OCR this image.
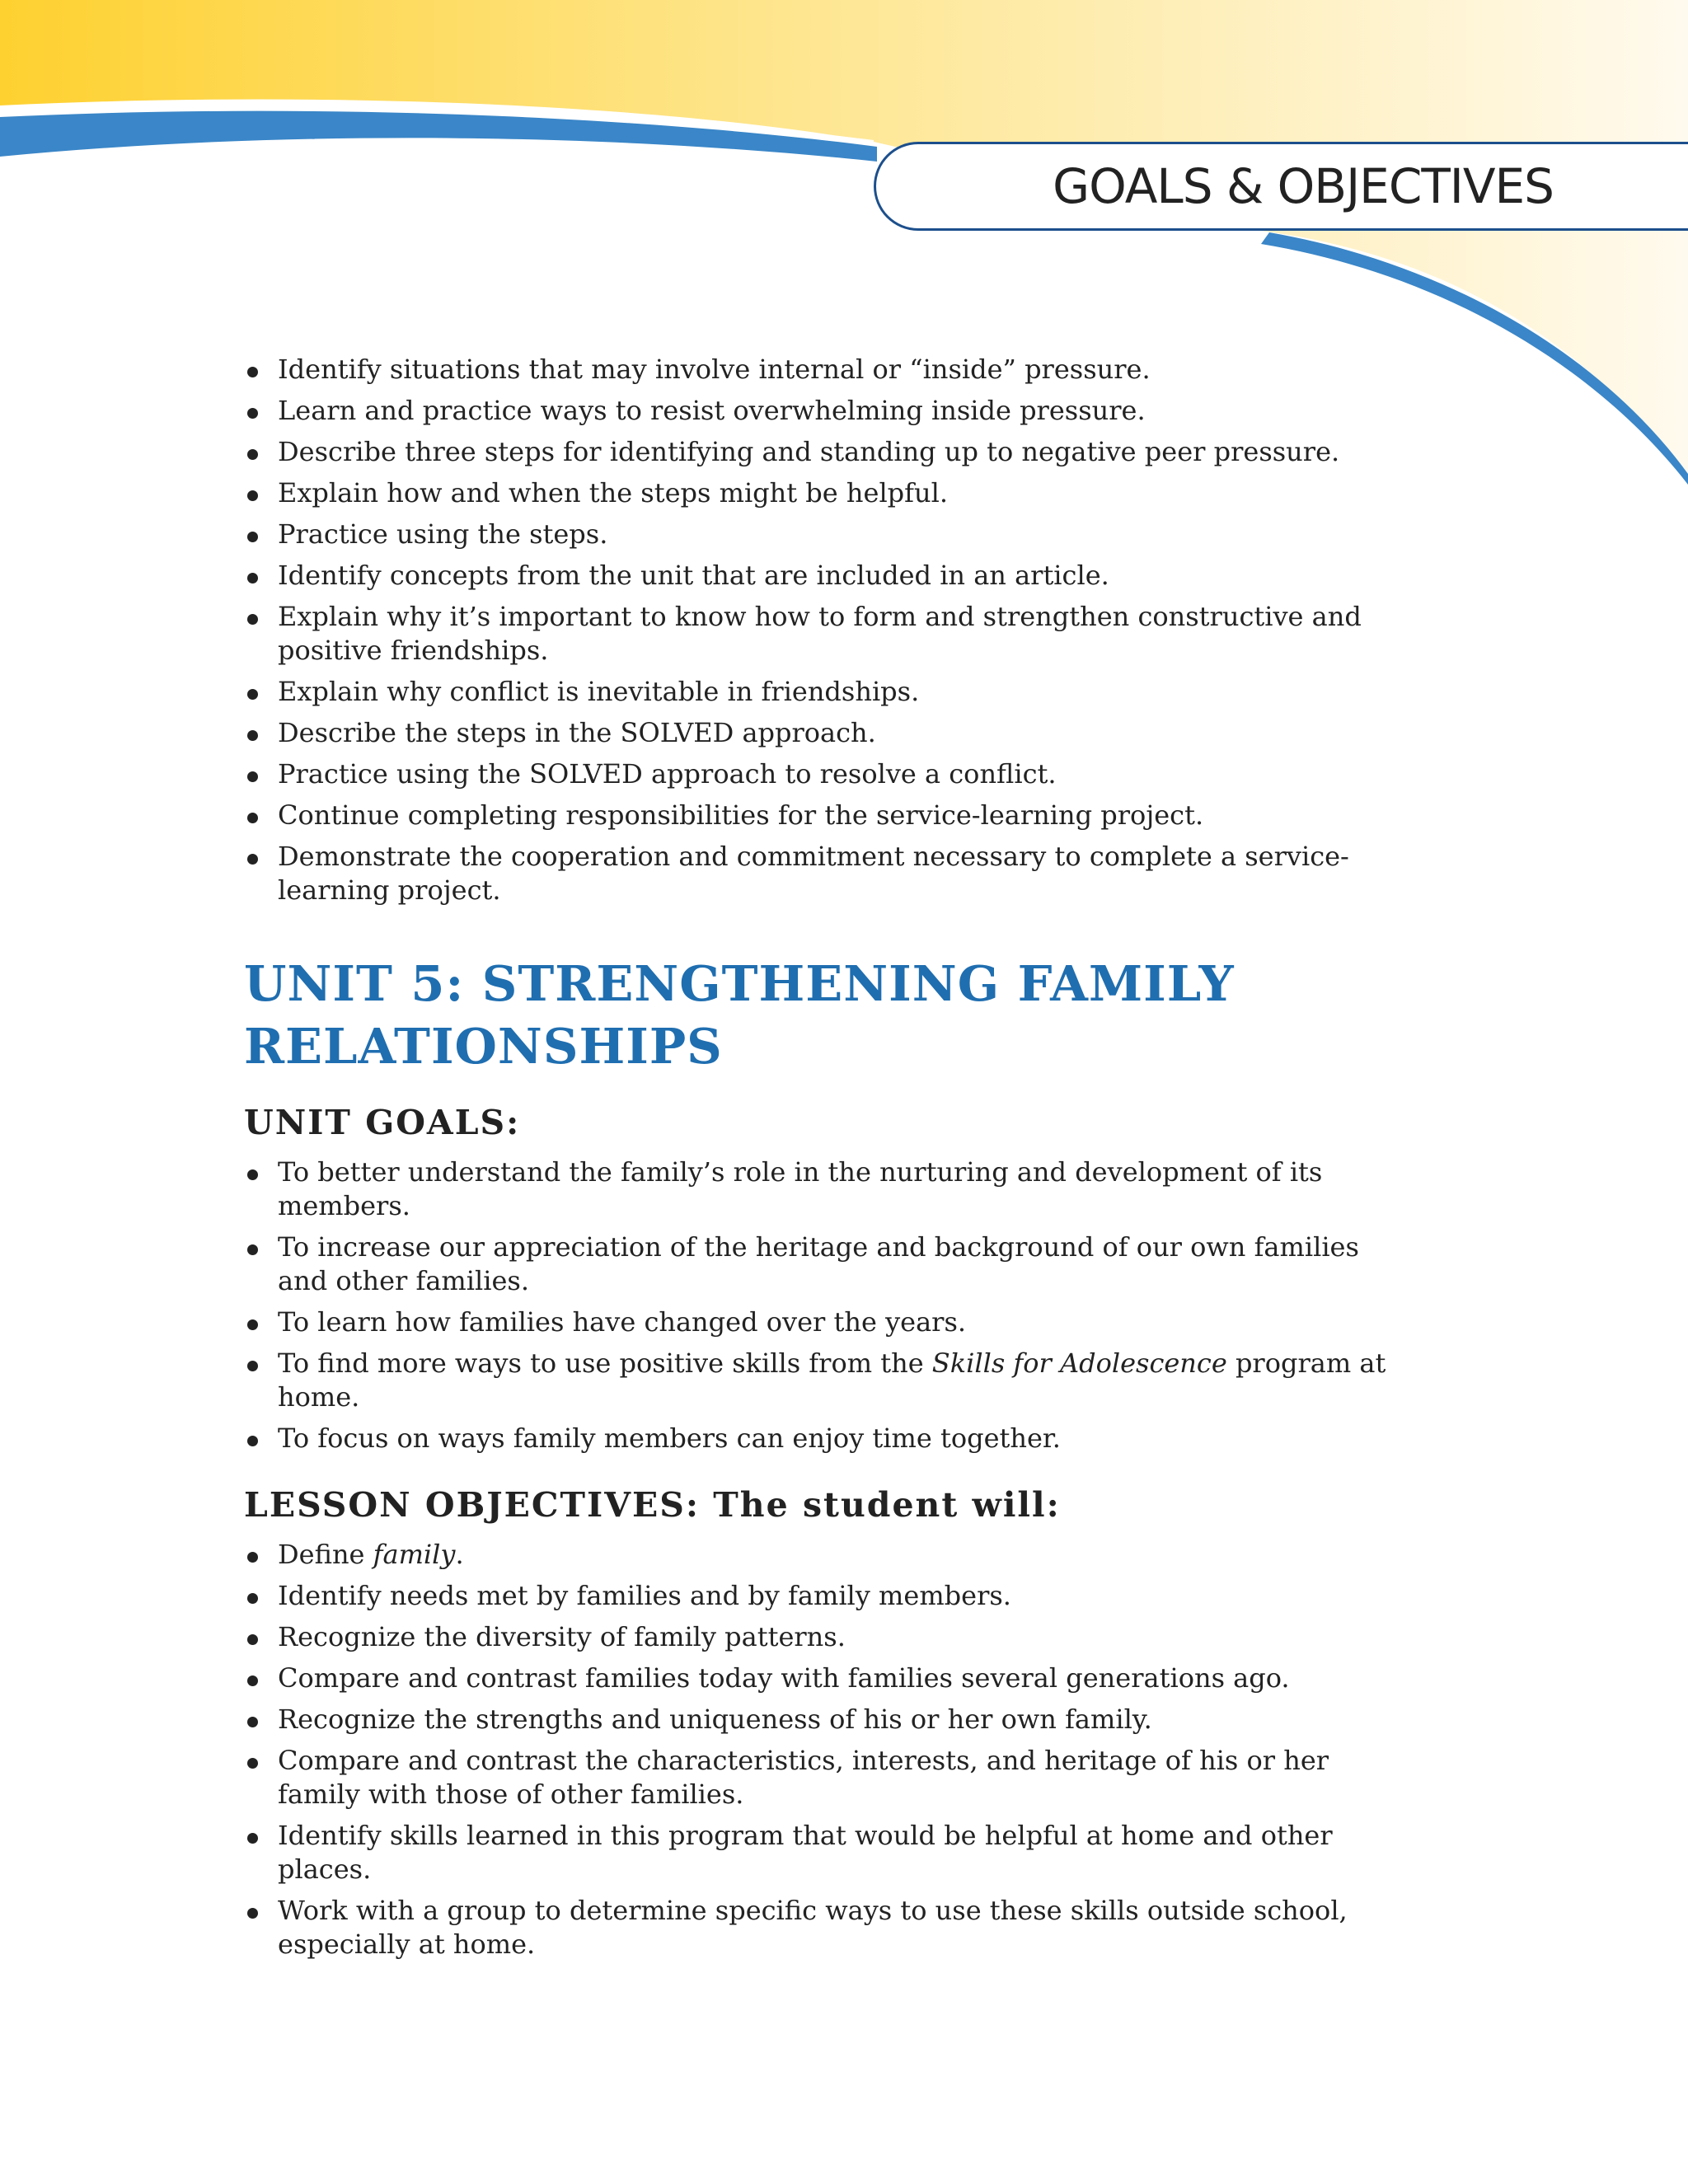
GOALS & OBJECTIVES
Identify situations that may involve internal or “inside” pressure.
Learn and practice ways to resist overwhelming inside pressure.
Describe three steps for identifying and standing up to negative peer pressure.
Explain how and when the steps might be helpful.
Practice using the steps.
Identify concepts from the unit that are included in an article.
Explain why it’s important to know how to form and strengthen constructive and positive friendships.
Explain why conflict is inevitable in friendships.
Describe the steps in the SOLVED approach.
Practice using the SOLVED approach to resolve a conflict.
Continue completing responsibilities for the service-learning project.
Demonstrate the cooperation and commitment necessary to complete a service-learning project.
UNIT 5: STRENGTHENING FAMILY
RELATIONSHIPS
UNIT GOALS:
To better understand the family’s role in the nurturing and development of its members.
To increase our appreciation of the heritage and background of our own families and other families.
To learn how families have changed over the years.
To find more ways to use positive skills from the Skills for Adolescence program at home.
To focus on ways family members can enjoy time together.
LESSON OBJECTIVES: The student will:
Define family.
Identify needs met by families and by family members.
Recognize the diversity of family patterns.
Compare and contrast families today with families several generations ago.
Recognize the strengths and uniqueness of his or her own family.
Compare and contrast the characteristics, interests, and heritage of his or her family with those of other families.
Identify skills learned in this program that would be helpful at home and other places.
Work with a group to determine specific ways to use these skills outside school, especially at home.
